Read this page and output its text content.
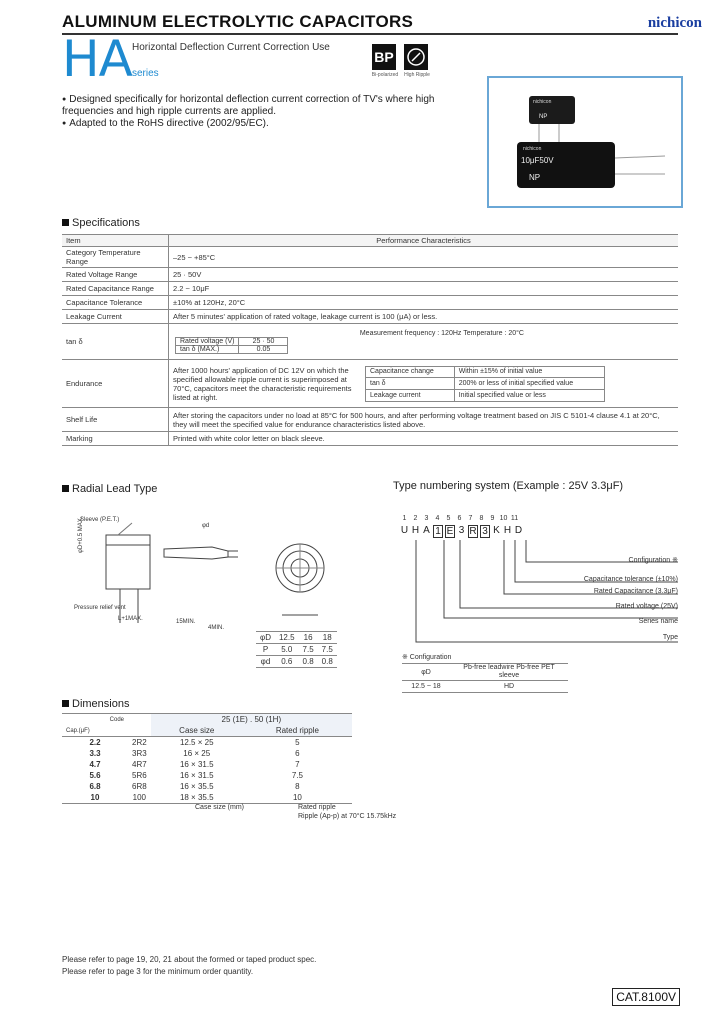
ALUMINUM ELECTROLYTIC CAPACITORS	nichicon
HA Horizontal Deflection Current Correction Use
series
BP
Bi-polarized	High Ripple
● Designed specifically for horizontal deflection current correction of TV's where high frequencies and high ripple currents are applied.
● Adapted to the RoHS directive (2002/95/EC).
nichicon
NP
nichicon
10μF50V
NP
Specifications
Item	Performance Characteristics
Category Temperature Range	–25 ~ +85°C
Rated Voltage Range	25 · 50V
Rated Capacitance Range	2.2 ~ 10μF
Capacitance Tolerance	±10% at 120Hz, 20°C
Leakage Current	After 5 minutes' application of rated voltage, leakage current is 100 (μA) or less.
tan δ	
Measurement frequency : 120Hz Temperature : 20°C
Rated voltage (V)	25 · 50
tan δ (MAX.)	0.05

Endurance	
After 1000 hours' application of DC 12V on which the specified allowable ripple current is superimposed at 70°C, capacitors meet the characteristic requirements listed at right.
Capacitance change	Within ±15% of initial value
tan δ	200% or less of initial specified value
Leakage current	Initial specified value or less

Shelf Life	After storing the capacitors under no load at 85°C for 500 hours, and after performing voltage treatment based on JIS C 5101-4 clause 4.1 at 20°C, they will meet the specified value for endurance characteristics listed above.
Marking	Printed with white color letter on black sleeve.
Radial Lead Type
Sleeve (P.E.T.)
Pressure relief vent
φD+0.5 MAX.	φd
L+1MAX.	15MIN.
4MIN.
φD	12.5	16	18
P	5.0	7.5	7.5
φd	0.6	0.8	0.8
Type numbering system (Example : 25V 3.3μF)
1	2	3	4	5	6	7	8	9 10 11
U H A 1 E 3 R 3 K H D
Configuration ※
Capacitance tolerance (±10%)
Rated Capacitance (3.3μF)
Rated voltage (25V)
Series name
Type
※ Configuration
φD	Pb-free leadwire Pb-free PET sleeve
12.5 ~ 18	HD
Dimensions
Code		25 (1E) . 50 (1H)	
Cap.(μF)		Case size	Rated ripple
2.2	2R2	12.5 × 25	5
3.3	3R3	16 × 25	6
4.7	4R7	16 × 31.5	7
5.6	5R6	16 × 31.5	7.5
6.8	6R8	16 × 35.5	8
10	100	18 × 35.5	10
Case size (mm)	Rated ripple
Ripple (Ap-p) at 70°C 15.75kHz
Please refer to page 19, 20, 21 about the formed or taped product spec.
Please refer to page 3 for the minimum order quantity.
CAT.8100V
